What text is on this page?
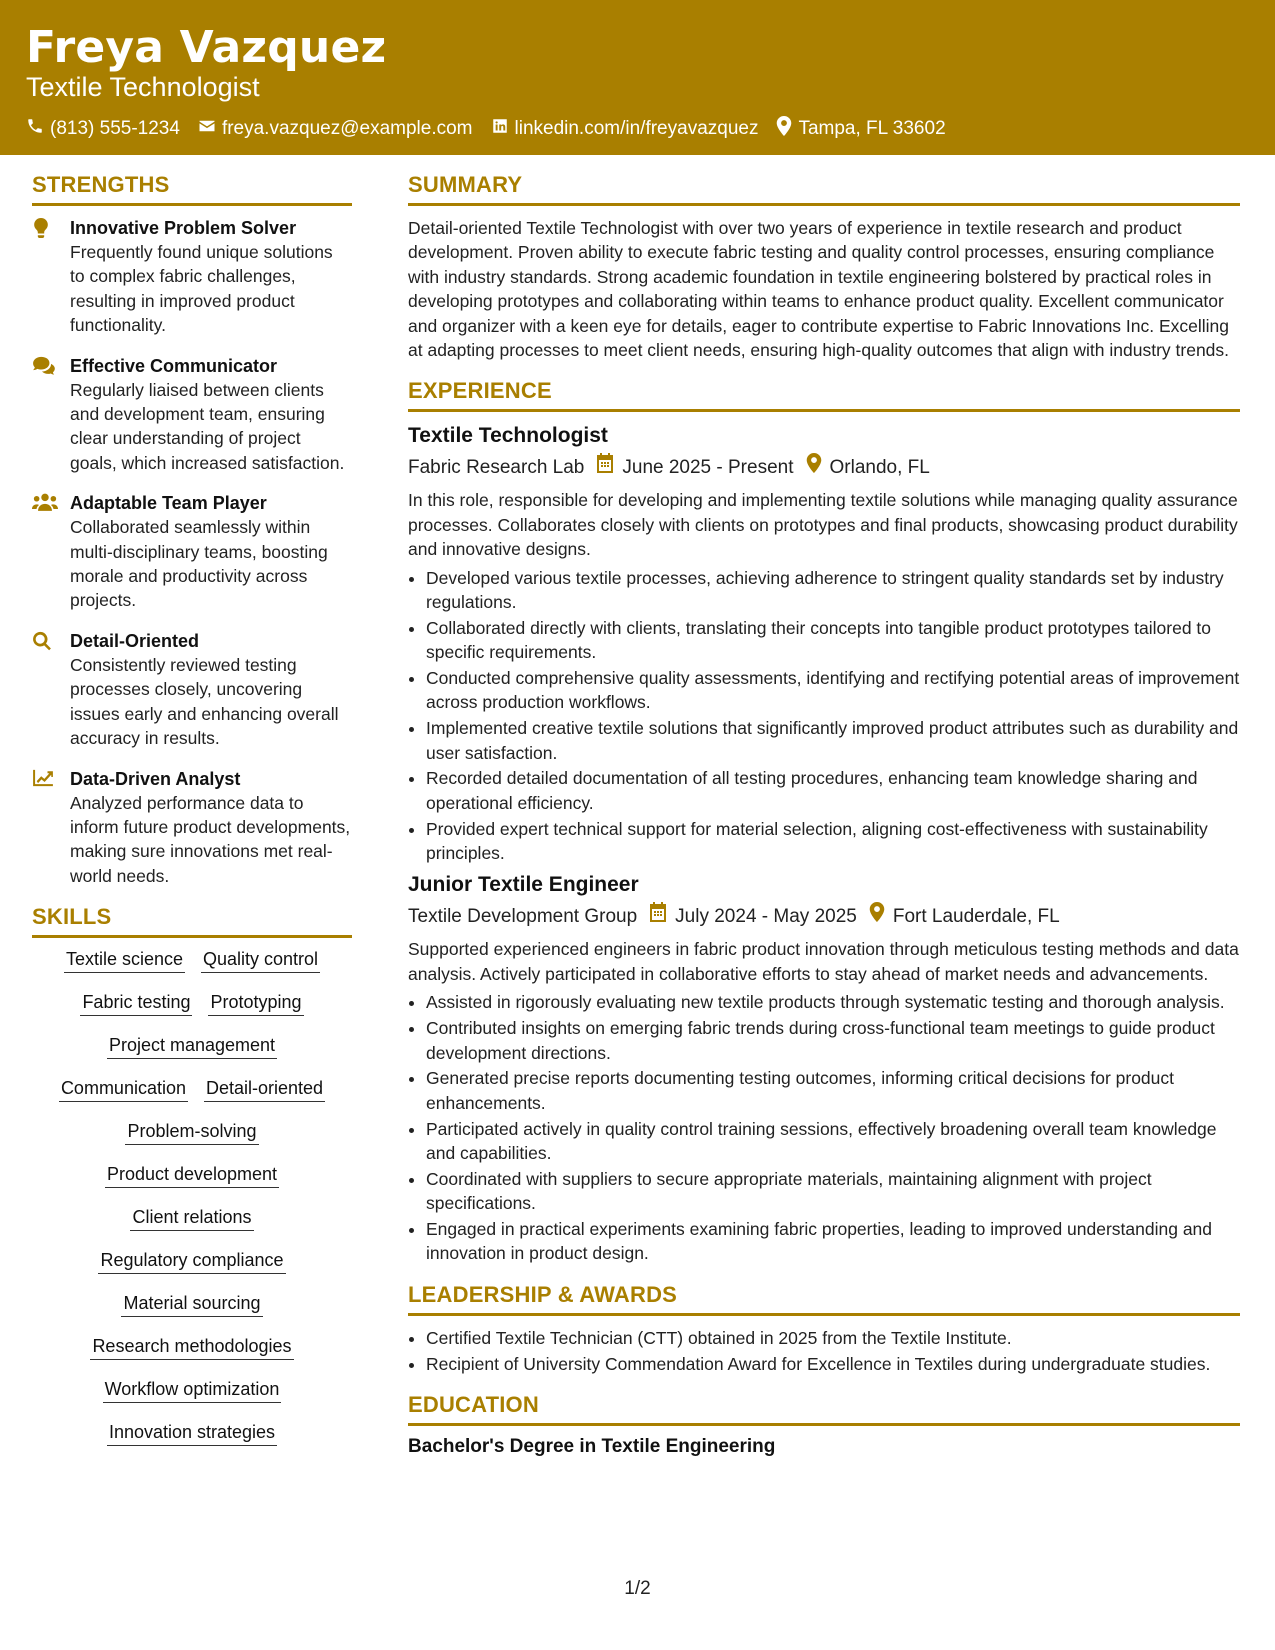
Freya Vazquez
Textile Technologist
(813) 555-1234 freya.vazquez@example.com linkedin.com/in/freyavazquez Tampa, FL 33602
STRENGTHS
Innovative Problem Solver
Frequently found unique solutions to complex fabric challenges, resulting in improved product functionality.
Effective Communicator
Regularly liaised between clients and development team, ensuring clear understanding of project goals, which increased satisfaction.
Adaptable Team Player
Collaborated seamlessly within multi-disciplinary teams, boosting morale and productivity across projects.
Detail-Oriented
Consistently reviewed testing processes closely, uncovering issues early and enhancing overall accuracy in results.
Data-Driven Analyst
Analyzed performance data to inform future product developments, making sure innovations met real-world needs.
SKILLS
Textile science Quality control
Fabric testing Prototyping
Project management
Communication Detail-oriented
Problem-solving
Product development
Client relations
Regulatory compliance
Material sourcing
Research methodologies
Workflow optimization
Innovation strategies
SUMMARY
Detail-oriented Textile Technologist with over two years of experience in textile research and product development. Proven ability to execute fabric testing and quality control processes, ensuring compliance with industry standards. Strong academic foundation in textile engineering bolstered by practical roles in developing prototypes and collaborating within teams to enhance product quality. Excellent communicator and organizer with a keen eye for details, eager to contribute expertise to Fabric Innovations Inc. Excelling at adapting processes to meet client needs, ensuring high-quality outcomes that align with industry trends.
EXPERIENCE
Textile Technologist
Fabric Research Lab June 2025 - Present Orlando, FL
In this role, responsible for developing and implementing textile solutions while managing quality assurance processes. Collaborates closely with clients on prototypes and final products, showcasing product durability and innovative designs.
• Developed various textile processes, achieving adherence to stringent quality standards set by industry regulations.
• Collaborated directly with clients, translating their concepts into tangible product prototypes tailored to specific requirements.
• Conducted comprehensive quality assessments, identifying and rectifying potential areas of improvement across production workflows.
• Implemented creative textile solutions that significantly improved product attributes such as durability and user satisfaction.
• Recorded detailed documentation of all testing procedures, enhancing team knowledge sharing and operational efficiency.
• Provided expert technical support for material selection, aligning cost-effectiveness with sustainability principles.
Junior Textile Engineer
Textile Development Group July 2024 - May 2025 Fort Lauderdale, FL
Supported experienced engineers in fabric product innovation through meticulous testing methods and data analysis. Actively participated in collaborative efforts to stay ahead of market needs and advancements.
• Assisted in rigorously evaluating new textile products through systematic testing and thorough analysis.
• Contributed insights on emerging fabric trends during cross-functional team meetings to guide product development directions.
• Generated precise reports documenting testing outcomes, informing critical decisions for product enhancements.
• Participated actively in quality control training sessions, effectively broadening overall team knowledge and capabilities.
• Coordinated with suppliers to secure appropriate materials, maintaining alignment with project specifications.
• Engaged in practical experiments examining fabric properties, leading to improved understanding and innovation in product design.
LEADERSHIP & AWARDS
• Certified Textile Technician (CTT) obtained in 2025 from the Textile Institute.
• Recipient of University Commendation Award for Excellence in Textiles during undergraduate studies.
EDUCATION
Bachelor's Degree in Textile Engineering
1/2
